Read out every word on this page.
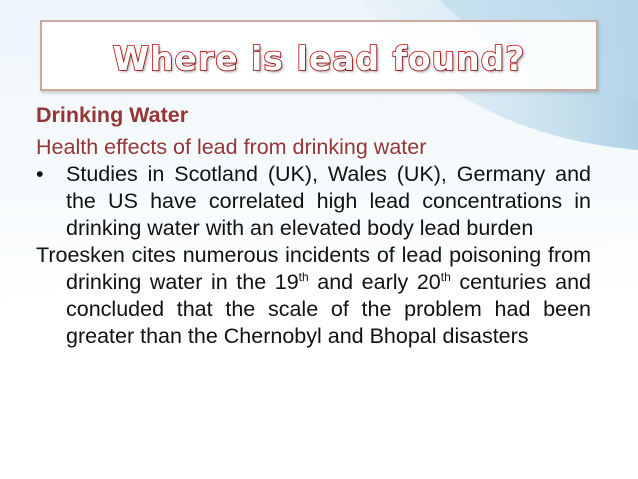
Where is lead found?

Drinking Water

Health effects of lead from drinking water

• Studies in Scotland (UK), Wales (UK), Germany and the US have correlated high lead concentrations in drinking water with an elevated body lead burden

Troesken cites numerous incidents of lead poisoning from drinking water in the 19th and early 20th centuries and concluded that the scale of the problem had been greater than the Chernobyl and Bhopal disasters
